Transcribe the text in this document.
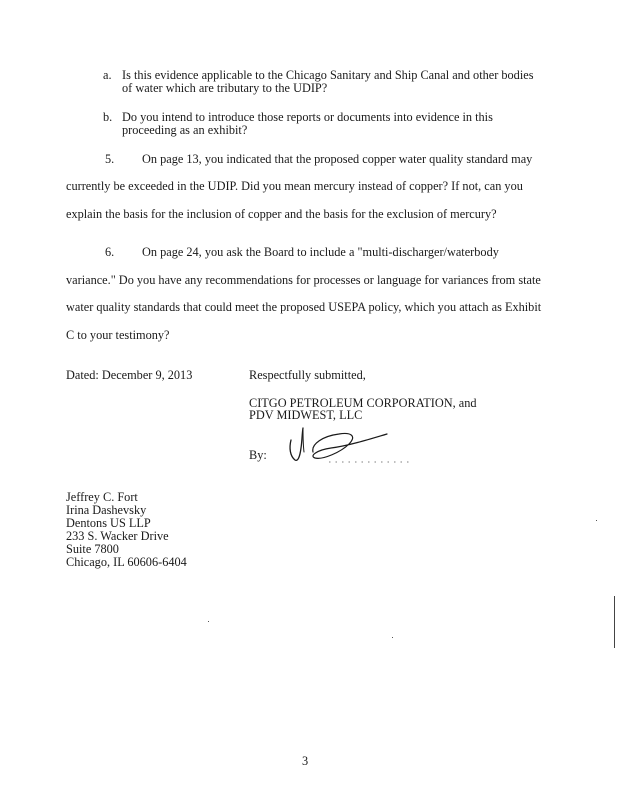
a. Is this evidence applicable to the Chicago Sanitary and Ship Canal and other bodies
of water which are tributary to the UDIP?
b. Do you intend to introduce those reports or documents into evidence in this
proceeding as an exhibit?
5. On page 13, you indicated that the proposed copper water quality standard may
currently be exceeded in the UDIP. Did you mean mercury instead of copper? If not, can you
explain the basis for the inclusion of copper and the basis for the exclusion of mercury?
6. On page 24, you ask the Board to include a "multi-discharger/waterbody
variance." Do you have any recommendations for processes or language for variances from state
water quality standards that could meet the proposed USEPA policy, which you attach as Exhibit
C to your testimony?
Dated: December 9, 2013	Respectfully submitted,
CITGO PETROLEUM CORPORATION, and
PDV MIDWEST, LLC
By:
Jeffrey C. Fort
Irina Dashevsky
Dentons US LLP
233 S. Wacker Drive
Suite 7800
Chicago, IL 60606-6404
3
